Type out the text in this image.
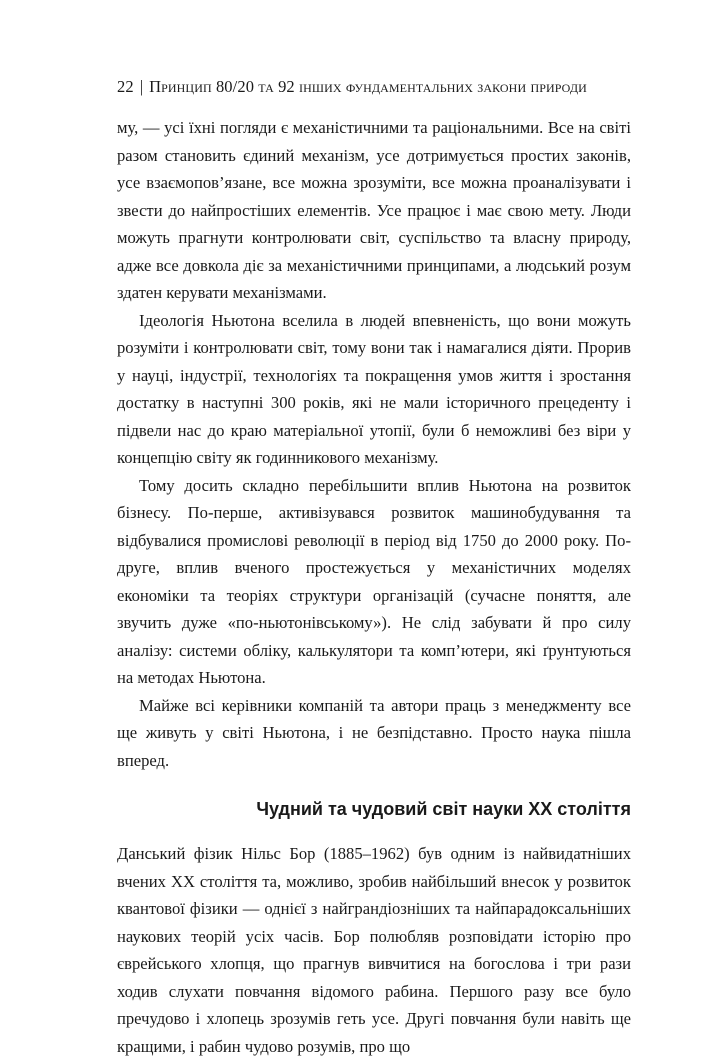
22 | Принцип 80/20 та 92 інших фундаментальних закони природи

му, — усі їхні погляди є механістичними та раціональними. Все на світі разом становить єдиний механізм, усе дотримується простих законів, усе взаємопов’язане, все можна зрозуміти, все можна проаналізувати і звести до найпростіших елементів. Усе працює і має свою мету. Люди можуть прагнути контролювати світ, суспільство та власну природу, адже все довкола діє за механістичними принципами, а людський розум здатен керувати механізмами.

Ідеологія Ньютона вселила в людей впевненість, що вони можуть розуміти і контролювати світ, тому вони так і намагалися діяти. Прорив у науці, індустрії, технологіях та покращення умов життя і зростання достатку в наступні 300 років, які не мали історичного прецеденту і підвели нас до краю матеріальної утопії, були б неможливі без віри у концепцію світу як годинникового механізму.

Тому досить складно перебільшити вплив Ньютона на розвиток бізнесу. По-перше, активізувався розвиток машинобудування та відбувалися промислові революції в період від 1750 до 2000 року. По-друге, вплив вченого простежується у механістичних моделях економіки та теоріях структури організацій (сучасне поняття, але звучить дуже «по-ньютонівському»). Не слід забувати й про силу аналізу: системи обліку, калькулятори та комп’ютери, які ґрунтуються на методах Ньютона.

Майже всі керівники компаній та автори праць з менеджменту все ще живуть у світі Ньютона, і не безпідставно. Просто наука пішла вперед.

Чудний та чудовий світ науки ХХ століття

Данський фізик Нільс Бор (1885–1962) був одним із найвидатніших вчених ХХ століття та, можливо, зробив найбільший внесок у розвиток квантової фізики — однієї з найграндіозніших та найпарадоксальніших наукових теорій усіх часів. Бор полюбляв розповідати історію про єврейського хлопця, що прагнув вивчитися на богослова і три рази ходив слухати повчання відомого рабина. Першого разу все було пречудово і хлопець зрозумів геть усе. Другі повчання були навіть ще кращими, і рабин чудово розумів, про що
